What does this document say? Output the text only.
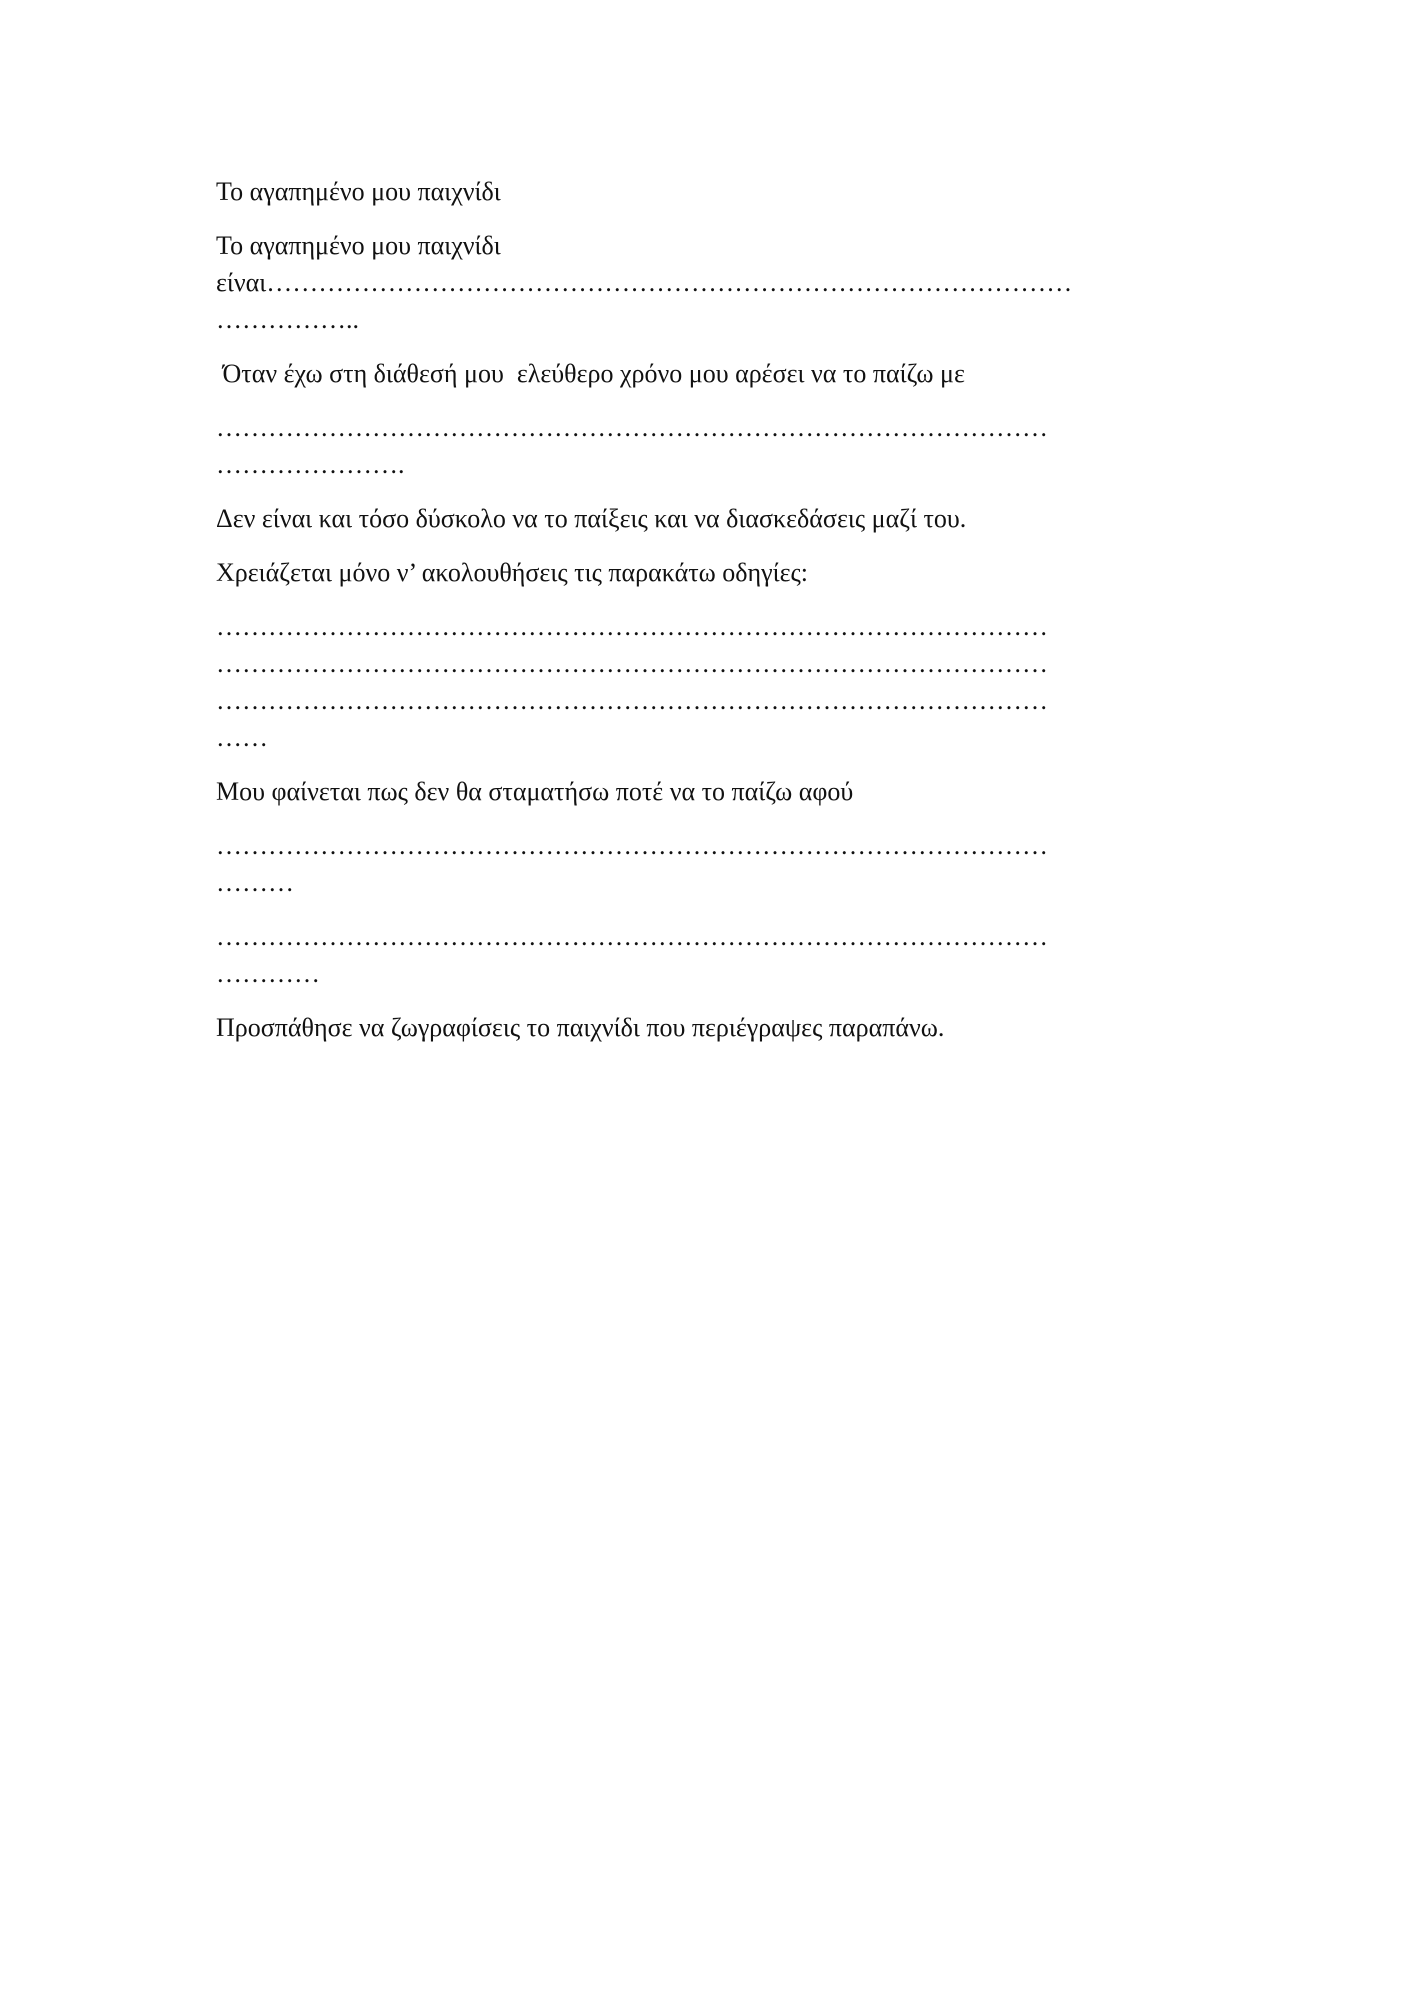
Το αγαπημένο μου παιχνίδι

Το αγαπημένο μου παιχνίδι

είναι…………………………………………………………………………………

……………..

Όταν έχω στη διάθεσή μου  ελεύθερο χρόνο μου αρέσει να το παίζω με

……………………………………………………………………………………

………………….

Δεν είναι και τόσο δύσκολο να το παίξεις και να διασκεδάσεις μαζί του.

Χρειάζεται μόνο ν’ ακολουθήσεις τις παρακάτω οδηγίες:

……………………………………………………………………………………

……………………………………………………………………………………

……………………………………………………………………………………

……

Μου φαίνεται πως δεν θα σταματήσω ποτέ να το παίζω αφού

……………………………………………………………………………………

………

……………………………………………………………………………………

…………

Προσπάθησε να ζωγραφίσεις το παιχνίδι που περιέγραψες παραπάνω.
